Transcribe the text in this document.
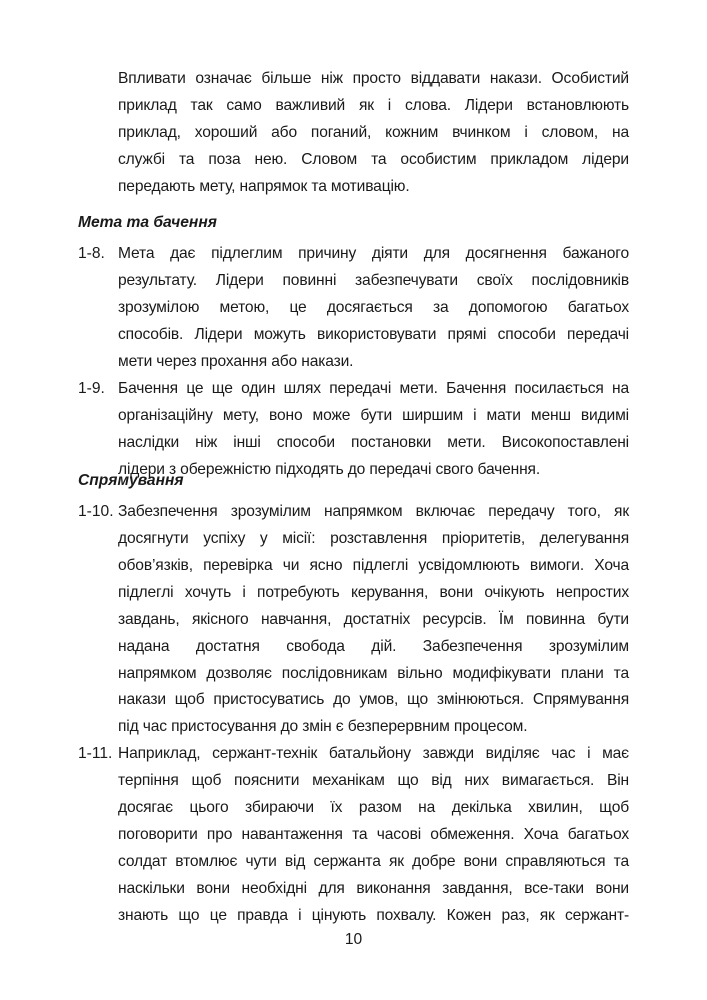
Впливати означає більше ніж просто віддавати накази. Особистий
приклад так само важливий як і слова. Лідери встановлюють
приклад, хороший або поганий, кожним вчинком і словом, на
службі та поза нею. Словом та особистим прикладом лідери
передають мету, напрямок та мотивацію.
Мета та бачення
1-8. Мета дає підлеглим причину діяти для досягнення бажаного
результату. Лідери повинні забезпечувати своїх послідовників
зрозумілою метою, це досягається за допомогою багатьох
способів. Лідери можуть використовувати прямі способи передачі
мети через прохання або накази.
1-9. Бачення це ще один шлях передачі мети. Бачення посилається на
організаційну мету, воно може бути ширшим і мати менш видимі
наслідки ніж інші способи постановки мети. Високопоставлені
лідери з обережністю підходять до передачі свого бачення.
Спрямування
1-10. Забезпечення зрозумілим напрямком включає передачу того, як
досягнути успіху у місії: розставлення пріоритетів, делегування
обов’язків, перевірка чи ясно підлеглі усвідомлюють вимоги. Хоча
підлеглі хочуть і потребують керування, вони очікують непростих
завдань, якісного навчання, достатніх ресурсів. Їм повинна бути
надана достатня свобода дій. Забезпечення зрозумілим
напрямком дозволяє послідовникам вільно модифікувати плани та
накази щоб пристосуватись до умов, що змінюються. Спрямування
під час пристосування до змін є безперервним процесом.
1-11. Наприклад, сержант-технік батальйону завжди виділяє час і має
терпіння щоб пояснити механікам що від них вимагається. Він
досягає цього збираючи їх разом на декілька хвилин, щоб
поговорити про навантаження та часові обмеження. Хоча багатьох
солдат втомлює чути від сержанта як добре вони справляються та
наскільки вони необхідні для виконання завдання, все-таки вони
знають що це правда і цінують похвалу. Кожен раз, як сержант-
10
